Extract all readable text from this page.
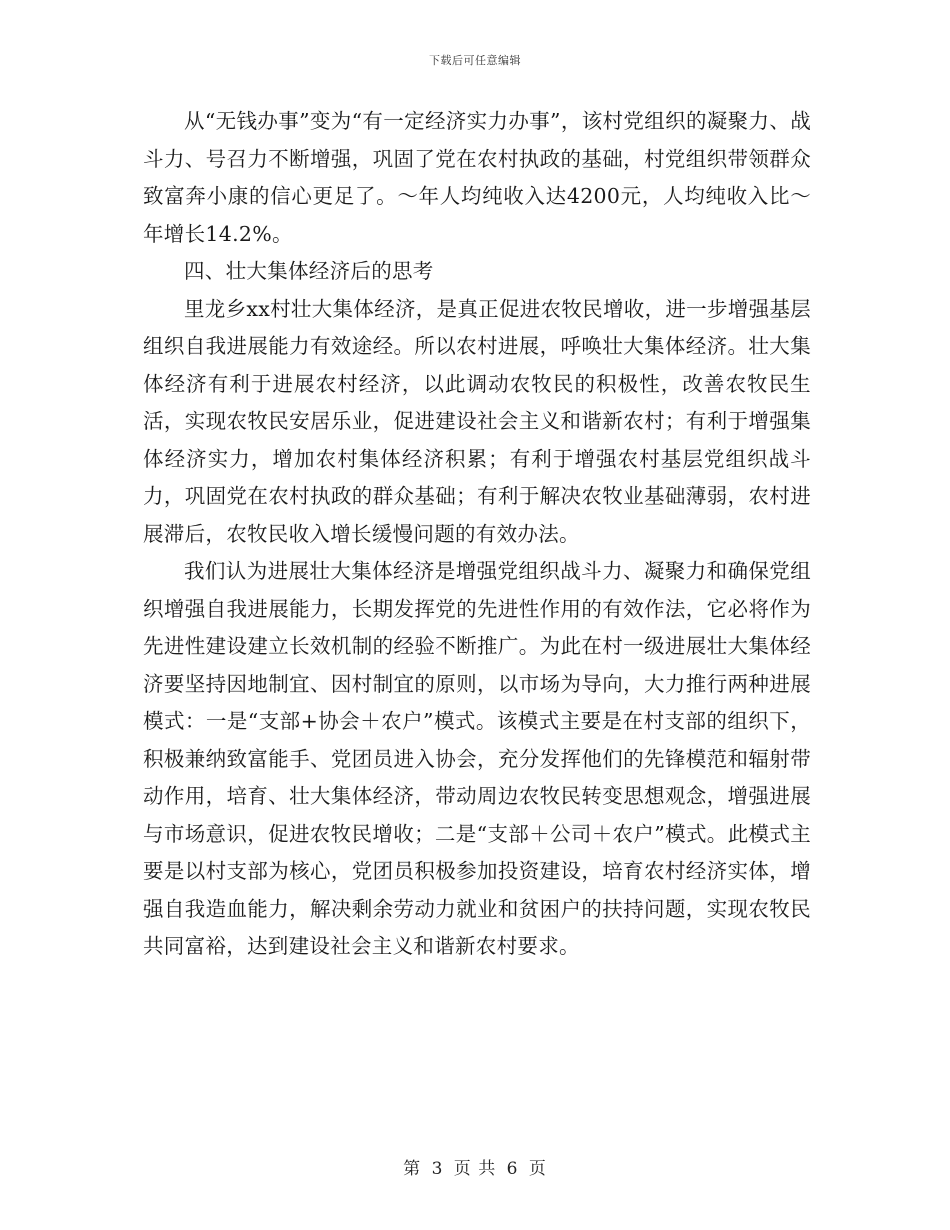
下载后可任意编辑

从“无钱办事”变为“有一定经济实力办事”，该村党组织的凝聚力、战斗力、号召力不断增强，巩固了党在农村执政的基础，村党组织带领群众致富奔小康的信心更足了。～年人均纯收入达4200元，人均纯收入比～年增长14.2%。

四、壮大集体经济后的思考

里龙乡xx村壮大集体经济，是真正促进农牧民增收，进一步增强基层组织自我进展能力有效途经。所以农村进展，呼唤壮大集体经济。壮大集体经济有利于进展农村经济，以此调动农牧民的积极性，改善农牧民生活，实现农牧民安居乐业，促进建设社会主义和谐新农村；有利于增强集体经济实力，增加农村集体经济积累；有利于增强农村基层党组织战斗力，巩固党在农村执政的群众基础；有利于解决农牧业基础薄弱，农村进展滞后，农牧民收入增长缓慢问题的有效办法。

我们认为进展壮大集体经济是增强党组织战斗力、凝聚力和确保党组织增强自我进展能力，长期发挥党的先进性作用的有效作法，它必将作为先进性建设建立长效机制的经验不断推广。为此在村一级进展壮大集体经济要坚持因地制宜、因村制宜的原则，以市场为导向，大力推行两种进展模式：一是“支部+协会＋农户”模式。该模式主要是在村支部的组织下，积极兼纳致富能手、党团员进入协会，充分发挥他们的先锋模范和辐射带动作用，培育、壮大集体经济，带动周边农牧民转变思想观念，增强进展与市场意识，促进农牧民增收；二是“支部＋公司＋农户”模式。此模式主要是以村支部为核心，党团员积极参加投资建设，培育农村经济实体，增强自我造血能力，解决剩余劳动力就业和贫困户的扶持问题，实现农牧民共同富裕，达到建设社会主义和谐新农村要求。

第 3 页 共 6 页
